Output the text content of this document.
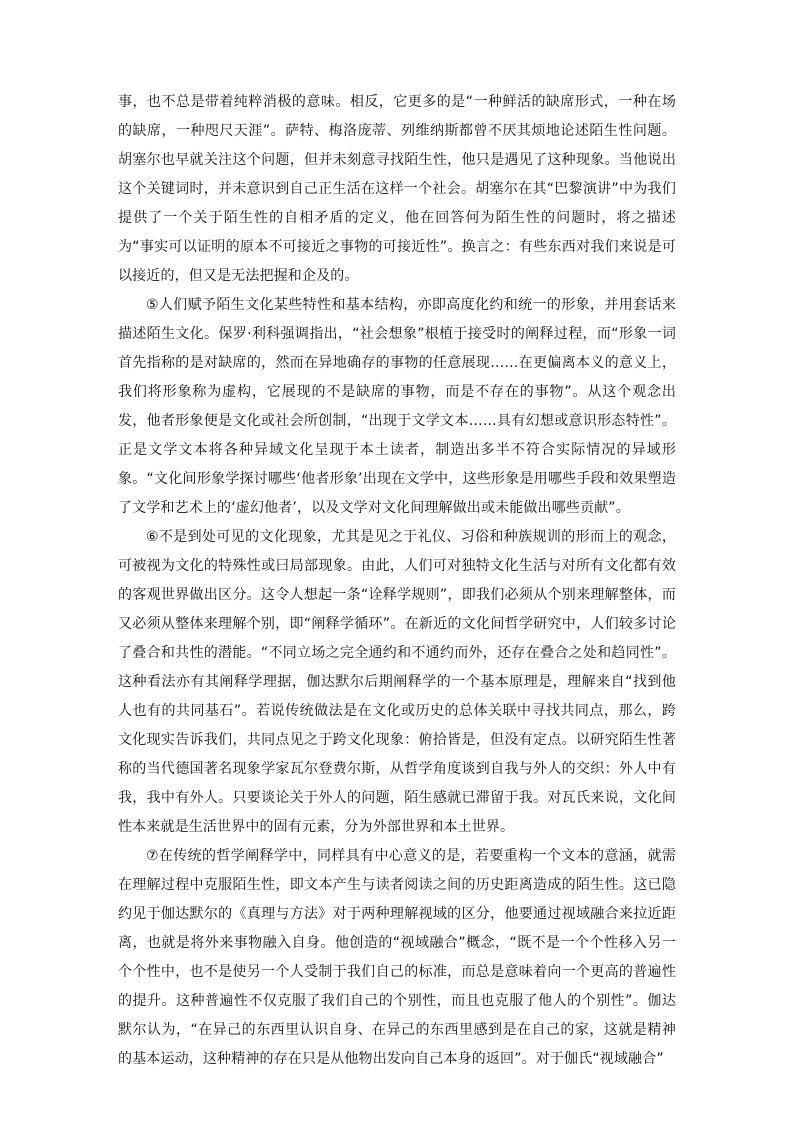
事，也不总是带着纯粹消极的意味。相反，它更多的是“一种鲜活的缺席形式，一种在场的缺席，一种咫尺天涯”。萨特、梅洛庞蒂、列维纳斯都曾不厌其烦地论述陌生性问题。胡塞尔也早就关注这个问题，但并未刻意寻找陌生性，他只是遇见了这种现象。当他说出这个关键词时，并未意识到自己正生活在这样一个社会。胡塞尔在其“巴黎演讲”中为我们提供了一个关于陌生性的自相矛盾的定义，他在回答何为陌生性的问题时，将之描述为“事实可以证明的原本不可接近之事物的可接近性”。换言之：有些东西对我们来说是可以接近的，但又是无法把握和企及的。

⑤人们赋予陌生文化某些特性和基本结构，亦即高度化约和统一的形象，并用套话来描述陌生文化。保罗·利科强调指出，“社会想象”根植于接受时的阐释过程，而“形象一词首先指称的是对缺席的，然而在异地确存的事物的任意展现……在更偏离本义的意义上，我们将形象称为虚构，它展现的不是缺席的事物，而是不存在的事物”。从这个观念出发，他者形象便是文化或社会所创制，“出现于文学文本……具有幻想或意识形态特性”。正是文学文本将各种异域文化呈现于本土读者，制造出多半不符合实际情况的异域形象。“文化间形象学探讨哪些‘他者形象’出现在文学中，这些形象是用哪些手段和效果塑造了文学和艺术上的‘虚幻他者’，以及文学对文化间理解做出或未能做出哪些贡献”。

⑥不是到处可见的文化现象，尤其是见之于礼仪、习俗和种族规训的形而上的观念，可被视为文化的特殊性或曰局部现象。由此，人们可对独特文化生活与对所有文化都有效的客观世界做出区分。这令人想起一条“诠释学规则”，即我们必须从个别来理解整体，而又必须从整体来理解个别，即“阐释学循环”。在新近的文化间哲学研究中，人们较多讨论了叠合和共性的潜能。“不同立场之完全通约和不通约而外，还存在叠合之处和趋同性”。这种看法亦有其阐释学理据，伽达默尔后期阐释学的一个基本原理是，理解来自“找到他人也有的共同基石”。若说传统做法是在文化或历史的总体关联中寻找共同点，那么，跨文化现实告诉我们，共同点见之于跨文化现象：俯拾皆是，但没有定点。以研究陌生性著称的当代德国著名现象学家瓦尔登费尔斯，从哲学角度谈到自我与外人的交织：外人中有我，我中有外人。只要谈论关于外人的问题，陌生感就已滞留于我。对瓦氏来说，文化间性本来就是生活世界中的固有元素，分为外部世界和本土世界。

⑦在传统的哲学阐释学中，同样具有中心意义的是，若要重构一个文本的意涵，就需在理解过程中克服陌生性，即文本产生与读者阅读之间的历史距离造成的陌生性。这已隐约见于伽达默尔的《真理与方法》对于两种理解视域的区分，他要通过视域融合来拉近距离，也就是将外来事物融入自身。他创造的“视域融合”概念，“既不是一个个性移入另一个个性中，也不是使另一个人受制于我们自己的标准，而总是意味着向一个更高的普遍性的提升。这种普遍性不仅克服了我们自己的个别性，而且也克服了他人的个别性”。伽达默尔认为，“在异己的东西里认识自身、在异己的东西里感到是在自己的家，这就是精神的基本运动，这种精神的存在只是从他物出发向自己本身的返回”。对于伽氏“视域融合”
